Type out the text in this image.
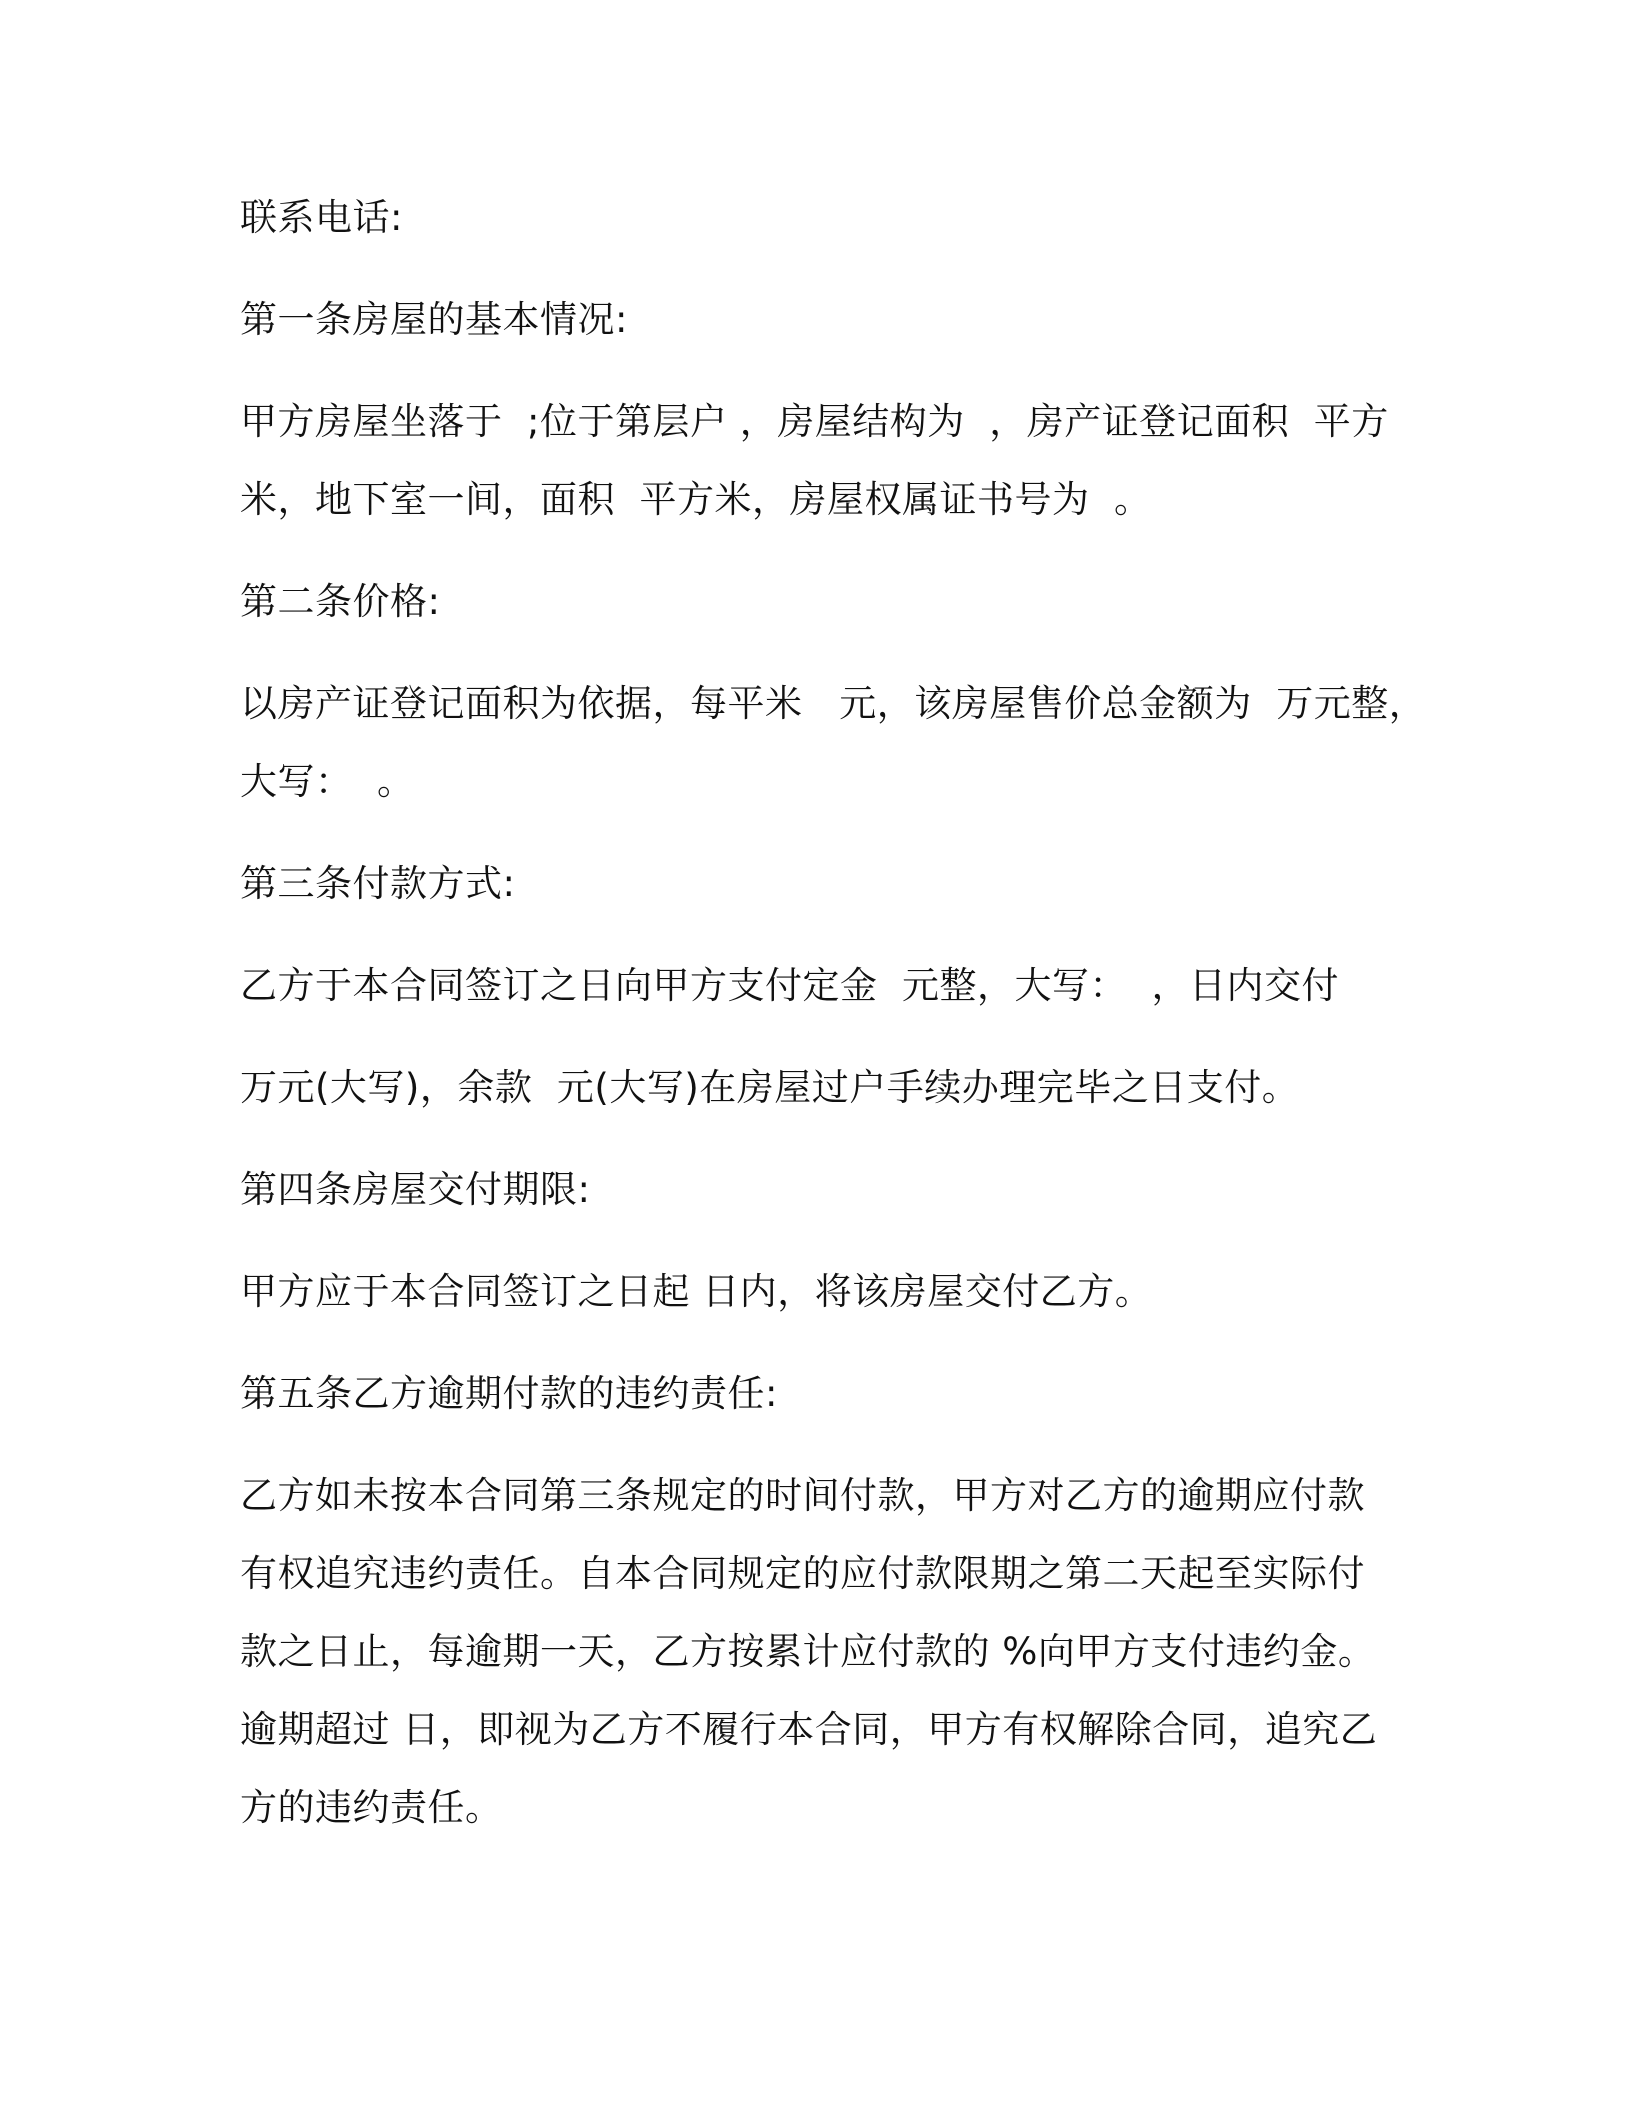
联系电话:
第一条房屋的基本情况:
甲方房屋坐落于  ;位于第层户 ，房屋结构为  ，房产证登记面积  平方
米，地下室一间，面积  平方米，房屋权属证书号为  。
第二条价格:
以房产证登记面积为依据，每平米   元，该房屋售价总金额为  万元整，
大写：  。
第三条付款方式:
乙方于本合同签订之日向甲方支付定金  元整，大写：  ，日内交付
万元(大写)，余款  元(大写)在房屋过户手续办理完毕之日支付。
第四条房屋交付期限:
甲方应于本合同签订之日起 日内，将该房屋交付乙方。
第五条乙方逾期付款的违约责任:
乙方如未按本合同第三条规定的时间付款，甲方对乙方的逾期应付款
有权追究违约责任。自本合同规定的应付款限期之第二天起至实际付
款之日止，每逾期一天，乙方按累计应付款的 %向甲方支付违约金。
逾期超过 日，即视为乙方不履行本合同，甲方有权解除合同，追究乙
方的违约责任。
